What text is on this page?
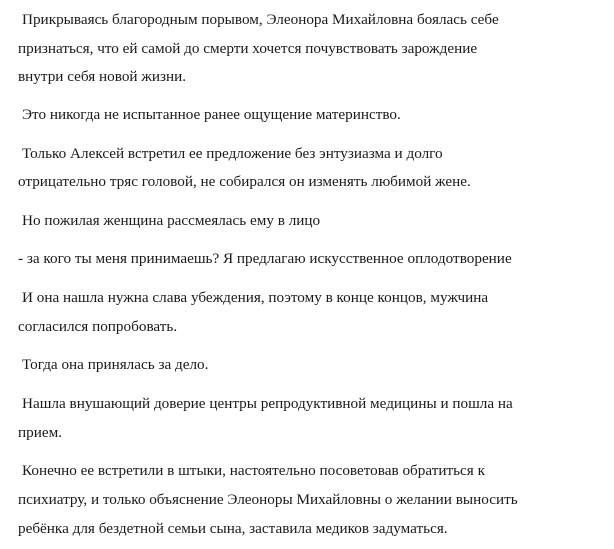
Прикрываясь благородным порывом, Элеонора Михайловна боялась себе
признаться, что ей самой до смерти хочется почувствовать зарождение
внутри себя новой жизни.
Это никогда не испытанное ранее ощущение материнство.
Только Алексей встретил ее предложение без энтузиазма и долго
отрицательно тряс головой, не собирался он изменять любимой жене.
Но пожилая женщина рассмеялась ему в лицо
- за кого ты меня принимаешь? Я предлагаю искусственное оплодотворение
И она нашла нужна слава убеждения, поэтому в конце концов, мужчина
согласился попробовать.
Тогда она принялась за дело.
Нашла внушающий доверие центры репродуктивной медицины и пошла на
прием.
Конечно ее встретили в штыки, настоятельно посоветовав обратиться к
психиатру, и только объяснение Элеоноры Михайловны о желании выносить
ребёнка для бездетной семьи сына, заставила медиков задуматься.
